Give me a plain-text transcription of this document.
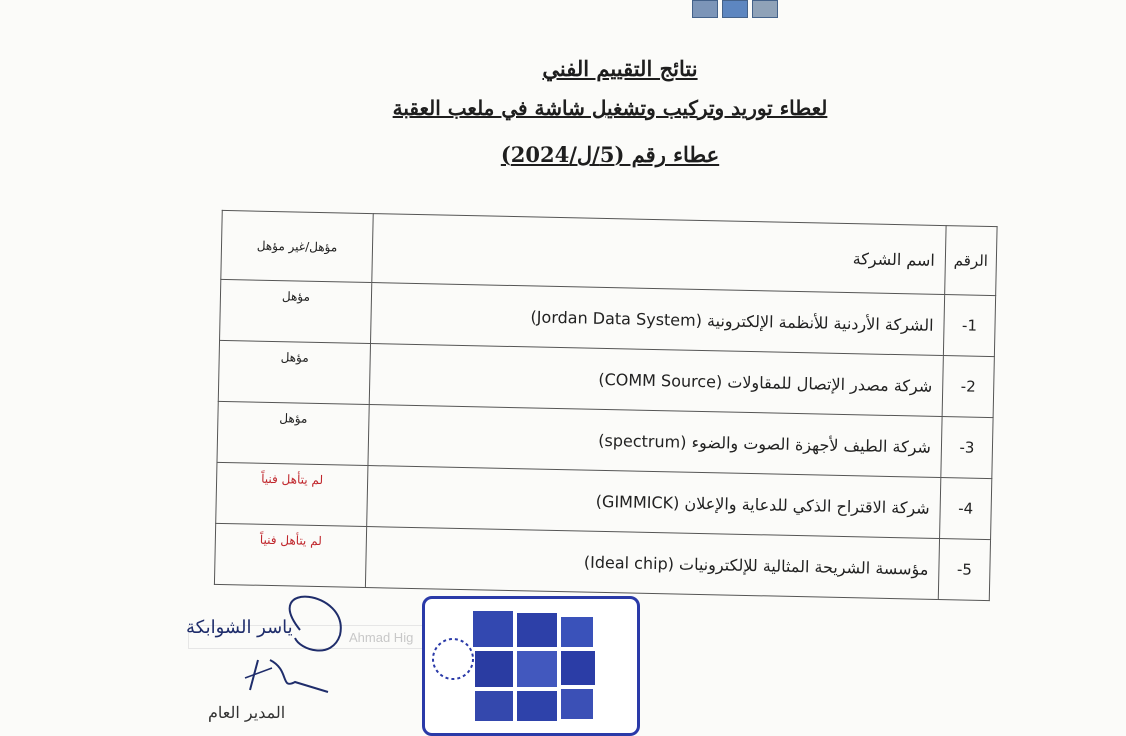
نتائج التقييم الفني
لعطاء توريد وتركيب وتشغيل شاشة في ملعب العقبة
عطاء رقم (5/ل/2024)
الرقم	اسم الشركة	مؤهل/غير مؤهل
1-	الشركة الأردنية للأنظمة الإلكترونية (Jordan Data System)	مؤهل
2-	شركة مصدر الإتصال للمقاولات (COMM Source)	مؤهل
3-	شركة الطيف لأجهزة الصوت والضوء (spectrum)	مؤهل
4-	شركة الاقتراح الذكي للدعاية والإعلان (GIMMICK)	لم يتأهل فنياً
5-	مؤسسة الشريحة المثالية للإلكترونيات (Ideal chip)	لم يتأهل فنياً
Ahmad Hig
ياسر الشوابكة
المدير العام
